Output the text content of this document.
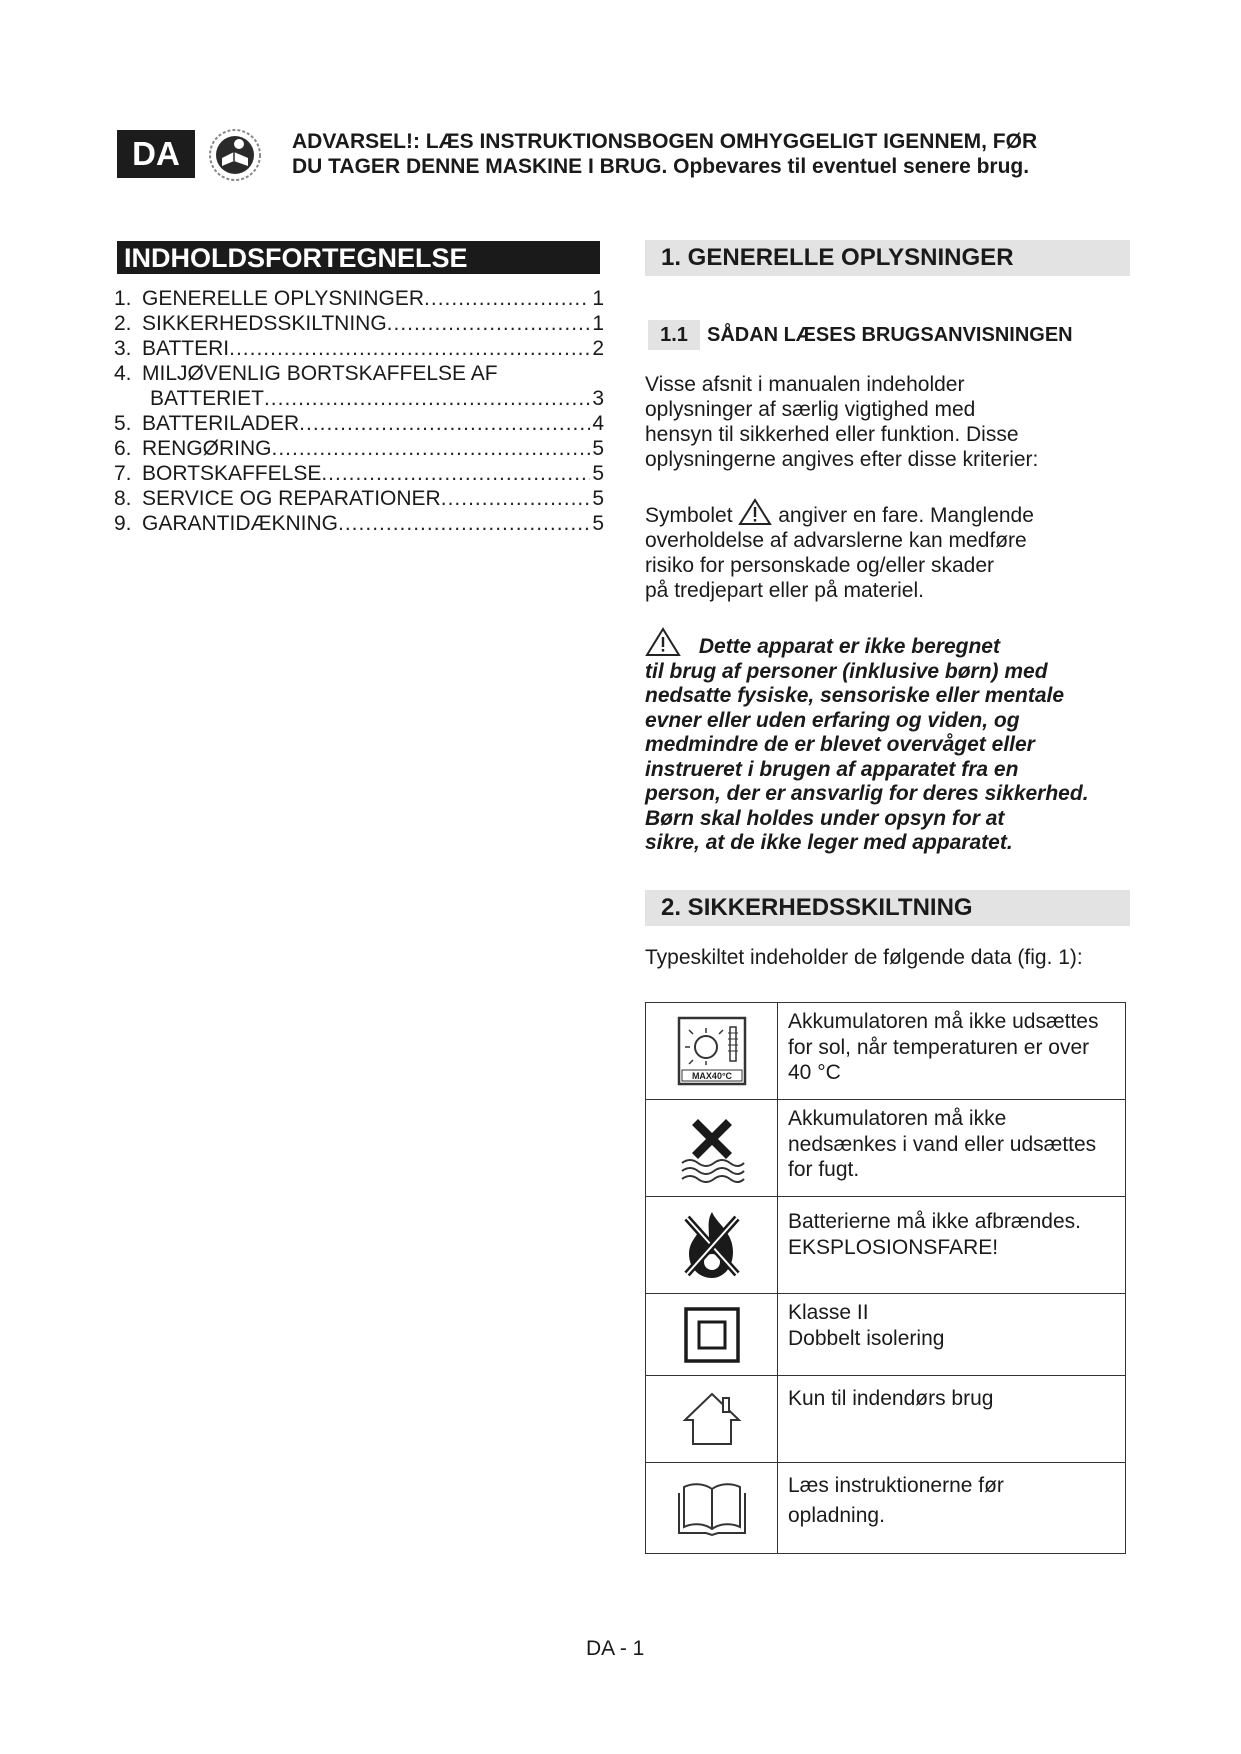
DA	ADVARSEL!: LÆS INSTRUKTIONSBOGEN OMHYGGELIGT IGENNEM, FØR
DU TAGER DENNE MASKINE I BRUG. Opbevares til eventuel senere brug.
INDHOLDSFORTEGNELSE
1. GENERELLE OPLYSNINGER .....	1
2. SIKKERHEDSSKILTNING .....	1
3. BATTERI .....	2
4. MILJØVENLIG BORTSKAFFELSE AF
BATTERIET .....	3
5. BATTERILADER .....	4
6. RENGØRING .....	5
7. BORTSKAFFELSE .....	5
8. SERVICE OG REPARATIONER .....	5
9. GARANTIDÆKNING .....	5
1. GENERELLE OPLYSNINGER
1.1 SÅDAN LÆSES BRUGSANVISNINGEN
Visse afsnit i manualen indeholder
oplysninger af særlig vigtighed med
hensyn til sikkerhed eller funktion. Disse
oplysningerne angives efter disse kriterier:
Symbolet angiver en fare. Manglende
overholdelse af advarslerne kan medføre
risiko for personskade og/eller skader
på tredjepart eller på materiel.
Dette apparat er ikke beregnet
til brug af personer (inklusive børn) med
nedsatte fysiske, sensoriske eller mentale
evner eller uden erfaring og viden, og
medmindre de er blevet overvåget eller
instrueret i brugen af apparatet fra en
person, der er ansvarlig for deres sikkerhed.
Børn skal holdes under opsyn for at
sikre, at de ikke leger med apparatet.
2. SIKKERHEDSSKILTNING
Typeskiltet indeholder de følgende data (fig. 1):
MAX40°C	Akkumulatoren må ikke udsættes
for sol, når temperaturen er over
40 °C

Akkumulatoren må ikke
nedsænkes i vand eller udsættes
for fugt.

Batterierne må ikke afbrændes.
EKSPLOSIONSFARE!

Klasse II
Dobbelt isolering

Kun til indendørs brug

Læs instruktionerne før
opladning.
DA - 1
